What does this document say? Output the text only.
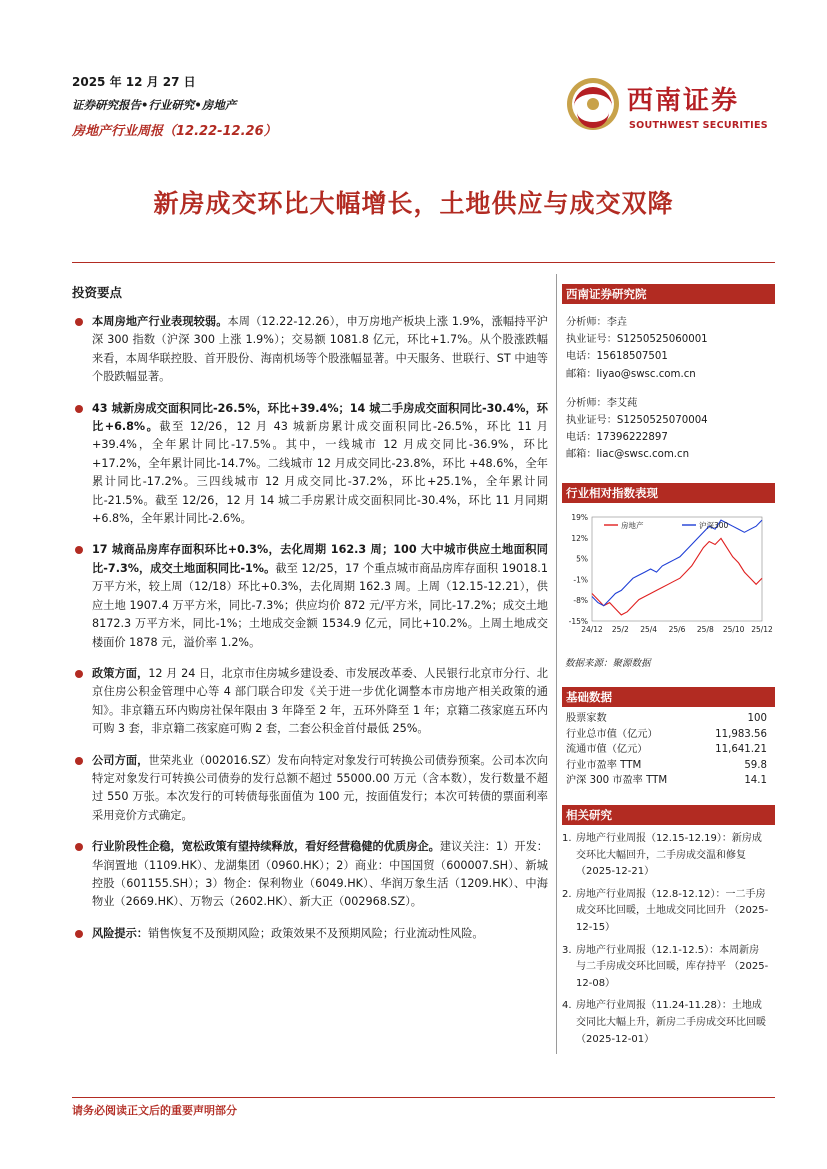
2025 年 12 月 27 日
证券研究报告•行业研究•房地产
房地产行业周报（12.22-12.26）
西南证券
SOUTHWEST SECURITIES
新房成交环比大幅增长，土地供应与成交双降
投资要点
本周房地产行业表现较弱。本周（12.22-12.26），申万房地产板块上涨 1.9%，涨幅持平沪深 300 指数（沪深 300 上涨 1.9%）；交易额 1081.8 亿元，环比+1.7%。从个股涨跌幅来看，本周华联控股、首开股份、海南机场等个股涨幅显著。中天服务、世联行、ST 中迪等个股跌幅显著。
43 城新房成交面积同比-26.5%，环比+39.4%；14 城二手房成交面积同比-30.4%，环比+6.8%。截至 12/26，12 月 43 城新房累计成交面积同比-26.5%，环比 11 月+39.4%，全年累计同比-17.5%。其中，一线城市 12 月成交同比-36.9%，环比+17.2%，全年累计同比-14.7%。二线城市 12 月成交同比-23.8%，环比 +48.6%，全年累计同比-17.2%。三四线城市 12 月成交同比-37.2%，环比+25.1%，全年累计同比-21.5%。截至 12/26，12 月 14 城二手房累计成交面积同比-30.4%，环比 11 月同期+6.8%，全年累计同比-2.6%。
17 城商品房库存面积环比+0.3%，去化周期 162.3 周；100 大中城市供应土地面积同比-7.3%，成交土地面积同比-1%。截至 12/25，17 个重点城市商品房库存面积 19018.1 万平方米，较上周（12/18）环比+0.3%，去化周期 162.3 周。上周（12.15-12.21），供应土地 1907.4 万平方米，同比-7.3%；供应均价 872 元/平方米，同比-17.2%；成交土地 8172.3 万平方米，同比-1%；土地成交金额 1534.9 亿元，同比+10.2%。上周土地成交楼面价 1878 元，溢价率 1.2%。
政策方面，12 月 24 日，北京市住房城乡建设委、市发展改革委、人民银行北京市分行、北京住房公积金管理中心等 4 部门联合印发《关于进一步优化调整本市房地产相关政策的通知》。非京籍五环内购房社保年限由 3 年降至 2 年，五环外降至 1 年；京籍二孩家庭五环内可购 3 套，非京籍二孩家庭可购 2 套，二套公积金首付最低 25%。
公司方面，世荣兆业（002016.SZ）发布向特定对象发行可转换公司债券预案。公司本次向特定对象发行可转换公司债券的发行总额不超过 55000.00 万元（含本数），发行数量不超过 550 万张。本次发行的可转债每张面值为 100 元，按面值发行；本次可转债的票面利率采用竞价方式确定。
行业阶段性企稳，宽松政策有望持续释放，看好经营稳健的优质房企。建议关注：1）开发：华润置地（1109.HK）、龙湖集团（0960.HK）；2）商业：中国国贸（600007.SH）、新城控股（601155.SH）；3）物企：保利物业（6049.HK）、华润万象生活（1209.HK）、中海物业（2669.HK）、万物云（2602.HK）、新大正（002968.SZ）。
风险提示：销售恢复不及预期风险；政策效果不及预期风险；行业流动性风险。
西南证券研究院
分析师：李垚
执业证号：S1250525060001
电话：15618507501
邮箱：liyao@swsc.com.cn
分析师：李艾莼
执业证号：S1250525070004
电话：17396222897
邮箱：liac@swsc.com.cn
行业相对指数表现
19%
12%
5%
-1%
-8%
-15%
24/12 25/2 25/4 25/6 25/8 25/10 25/12
房地产	沪深300
数据来源：聚源数据
基础数据
股票家数	100
行业总市值（亿元）	11,983.56
流通市值（亿元）	11,641.21
行业市盈率 TTM	59.8
沪深 300 市盈率 TTM	14.1
相关研究
1. 房地产行业周报（12.15-12.19）：新房成交环比大幅回升，二手房成交温和修复 （2025-12-21）
2. 房地产行业周报（12.8-12.12）：一二手房成交环比回暖，土地成交同比回升 （2025-12-15）
3. 房地产行业周报（12.1-12.5）：本周新房与二手房成交环比回暖，库存持平 （2025-12-08）
4. 房地产行业周报（11.24-11.28）：土地成交同比大幅上升，新房二手房成交环比回暖 （2025-12-01）
请务必阅读正文后的重要声明部分
